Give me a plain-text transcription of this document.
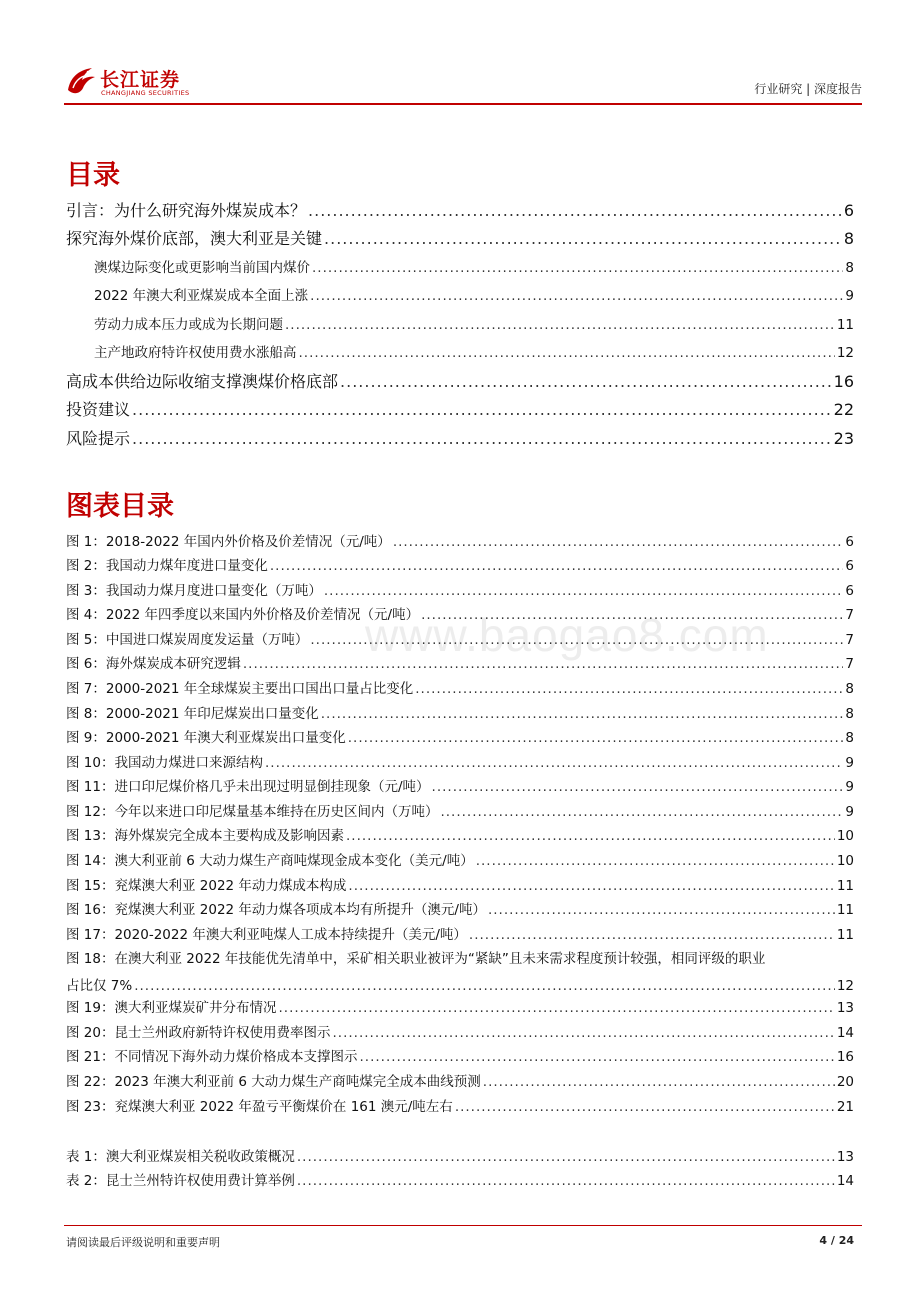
长江证券
CHANGJIANG SECURITIES	行业研究 | 深度报告
目录
引言：为什么研究海外煤炭成本？ .....	6
探究海外煤价底部，澳大利亚是关键 .....	8
澳煤边际变化或更影响当前国内煤价 .....	8
2022 年澳大利亚煤炭成本全面上涨 .....	9
劳动力成本压力或成为长期问题 .....	11
主产地政府特许权使用费水涨船高 .....	12
高成本供给边际收缩支撑澳煤价格底部 .....	16
投资建议 .....	22
风险提示 .....	23
图表目录
图 1：2018-2022 年国内外价格及价差情况（元/吨） .....	6
图 2：我国动力煤年度进口量变化 .....	6
图 3：我国动力煤月度进口量变化（万吨） .....	6
图 4：2022 年四季度以来国内外价格及价差情况（元/吨） .....	7
图 5：中国进口煤炭周度发运量（万吨） .....	7
图 6：海外煤炭成本研究逻辑 .....	7
图 7：2000-2021 年全球煤炭主要出口国出口量占比变化 .....	8
图 8：2000-2021 年印尼煤炭出口量变化 .....	8
图 9：2000-2021 年澳大利亚煤炭出口量变化 .....	8
图 10：我国动力煤进口来源结构 .....	9
图 11：进口印尼煤价格几乎未出现过明显倒挂现象（元/吨） .....	9
图 12：今年以来进口印尼煤量基本维持在历史区间内（万吨） .....	9
图 13：海外煤炭完全成本主要构成及影响因素 .....	10
图 14：澳大利亚前 6 大动力煤生产商吨煤现金成本变化（美元/吨） .....	10
图 15：兖煤澳大利亚 2022 年动力煤成本构成 .....	11
图 16：兖煤澳大利亚 2022 年动力煤各项成本均有所提升（澳元/吨） .....	11
图 17：2020-2022 年澳大利亚吨煤人工成本持续提升（美元/吨） .....	11
图 18：在澳大利亚 2022 年技能优先清单中，采矿相关职业被评为“紧缺”且未来需求程度预计较强，相同评级的职业
占比仅 7% .....	12
图 19：澳大利亚煤炭矿井分布情况 .....	13
图 20：昆士兰州政府新特许权使用费率图示 .....	14
图 21：不同情况下海外动力煤价格成本支撑图示 .....	16
图 22：2023 年澳大利亚前 6 大动力煤生产商吨煤完全成本曲线预测 .....	20
图 23：兖煤澳大利亚 2022 年盈亏平衡煤价在 161 澳元/吨左右 .....	21
表 1：澳大利亚煤炭相关税收政策概况 .....	13
表 2：昆士兰州特许权使用费计算举例 .....	14
www.baogao8.com
请阅读最后评级说明和重要声明	4 / 24
